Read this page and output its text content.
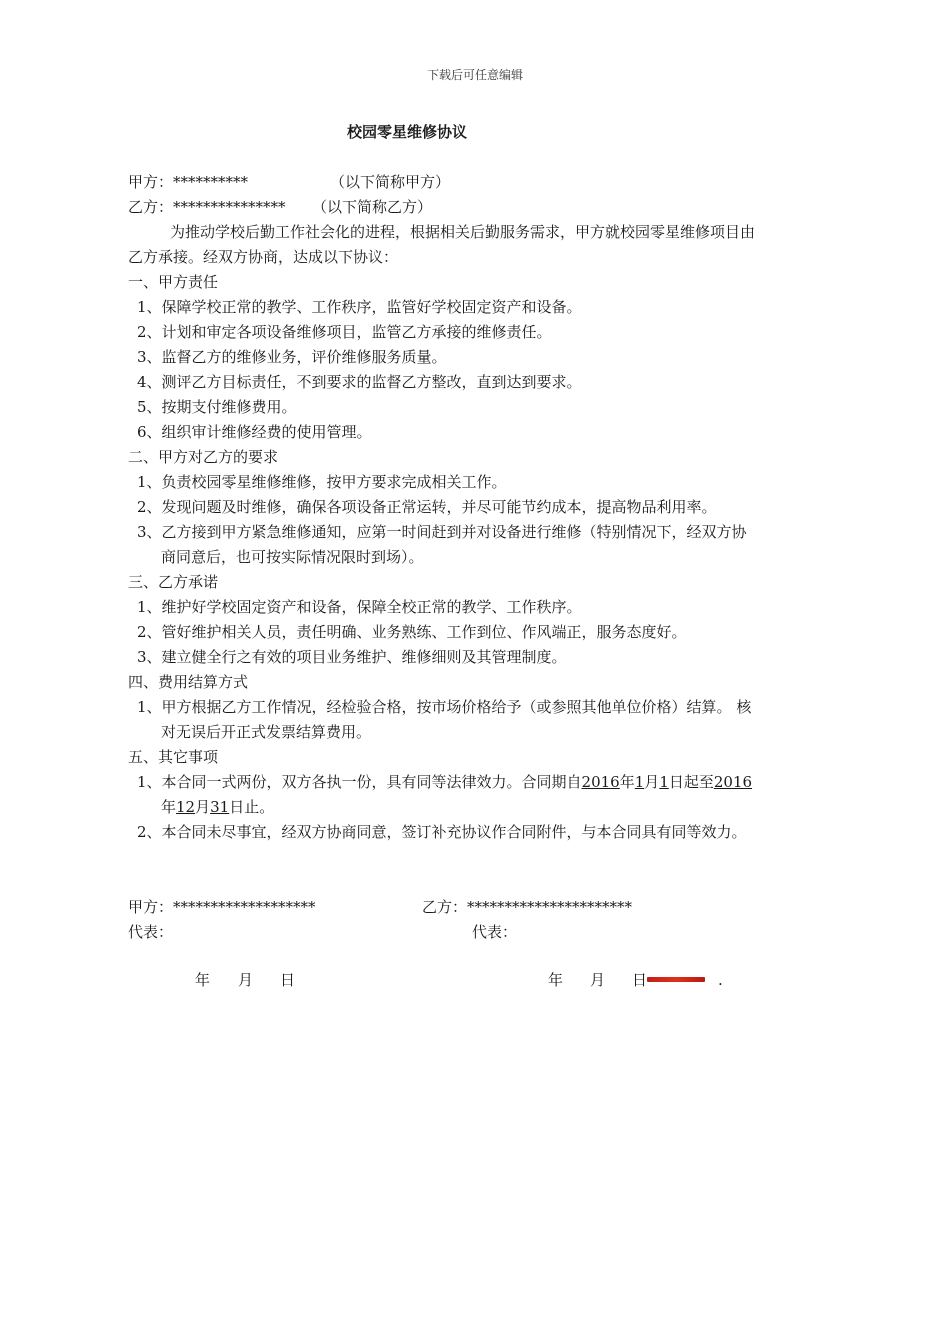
下载后可任意编辑
校园零星维修协议
甲方：**********	（以下简称甲方）
乙方：*************** （以下简称乙方）
为推动学校后勤工作社会化的进程，根据相关后勤服务需求，甲方就校园零星维修项目由
乙方承接。经双方协商，达成以下协议：
一、甲方责任
1、保障学校正常的教学、工作秩序，监管好学校固定资产和设备。
2、计划和审定各项设备维修项目，监管乙方承接的维修责任。
3、监督乙方的维修业务，评价维修服务质量。
4、测评乙方目标责任，不到要求的监督乙方整改，直到达到要求。
5、按期支付维修费用。
6、组织审计维修经费的使用管理。
二、甲方对乙方的要求
1、负责校园零星维修维修，按甲方要求完成相关工作。
2、发现问题及时维修，确保各项设备正常运转，并尽可能节约成本，提高物品利用率。
3、乙方接到甲方紧急维修通知，应第一时间赶到并对设备进行维修（特别情况下，经双方协
商同意后，也可按实际情况限时到场）。
三、乙方承诺
1、维护好学校固定资产和设备，保障全校正常的教学、工作秩序。
2、管好维护相关人员，责任明确、业务熟练、工作到位、作风端正，服务态度好。
3、建立健全行之有效的项目业务维护、维修细则及其管理制度。
四、费用结算方式
1、甲方根据乙方工作情况，经检验合格，按市场价格给予（或参照其他单位价格）结算。 核
对无误后开正式发票结算费用。
五、其它事项
1、本合同一式两份，双方各执一份，具有同等法律效力。合同期自2016年1月1日起至2016
年12月31日止。
2、本合同未尽事宜，经双方协商同意，签订补充协议作合同附件，与本合同具有同等效力。
甲方：*******************	乙方：**********************
代表：	代表：
年 月 日	年 月 日	.
